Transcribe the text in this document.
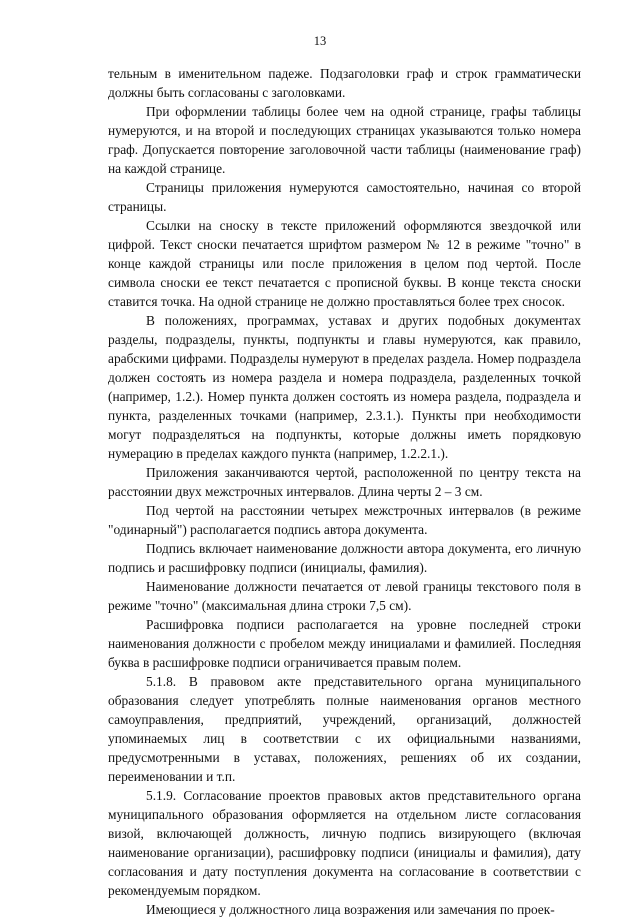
13

тельным в именительном падеже. Подзаголовки граф и строк грамматически должны быть согласованы с заголовками.

При оформлении таблицы более чем на одной странице, графы таблицы нумеруются, и на второй и последующих страницах указываются только номера граф. Допускается повторение заголовочной части таблицы (наименование граф) на каждой странице.

Страницы приложения нумеруются самостоятельно, начиная со второй страницы.

Ссылки на сноску в тексте приложений оформляются звездочкой или цифрой. Текст сноски печатается шрифтом размером № 12 в режиме "точно" в конце каждой страницы или после приложения в целом под чертой. После символа сноски ее текст печатается с прописной буквы. В конце текста сноски ставится точка. На одной странице не должно проставляться более трех сносок.

В положениях, программах, уставах и других подобных документах разделы, подразделы, пункты, подпункты и главы нумеруются, как правило, арабскими цифрами. Подразделы нумеруют в пределах раздела. Номер подраздела должен состоять из номера раздела и номера подраздела, разделенных точкой (например, 1.2.). Номер пункта должен состоять из номера раздела, подраздела и пункта, разделенных точками (например, 2.3.1.). Пункты при необходимости могут подразделяться на подпункты, которые должны иметь порядковую нумерацию в пределах каждого пункта (например, 1.2.2.1.).

Приложения заканчиваются чертой, расположенной по центру текста на расстоянии двух межстрочных интервалов. Длина черты 2 – 3 см.

Под чертой на расстоянии четырех межстрочных интервалов (в режиме "одинарный") располагается подпись автора документа.

Подпись включает наименование должности автора документа, его личную подпись и расшифровку подписи (инициалы, фамилия).

Наименование должности печатается от левой границы текстового поля в режиме "точно" (максимальная длина строки 7,5 см).

Расшифровка подписи располагается на уровне последней строки наименования должности с пробелом между инициалами и фамилией. Последняя буква в расшифровке подписи ограничивается правым полем.

5.1.8. В правовом акте представительного органа муниципального образования следует употреблять полные наименования органов местного самоуправления, предприятий, учреждений, организаций, должностей упоминаемых лиц в соответствии с их официальными названиями, предусмотренными в уставах, положениях, решениях об их создании, переименовании и т.п.

5.1.9. Согласование проектов правовых актов представительного органа муниципального образования оформляется на отдельном листе согласования визой, включающей должность, личную подпись визирующего (включая наименование организации), расшифровку подписи (инициалы и фамилия), дату согласования и дату поступления документа на согласование в соответствии с рекомендуемым порядком.

Имеющиеся у должностного лица возражения или замечания по проек-
